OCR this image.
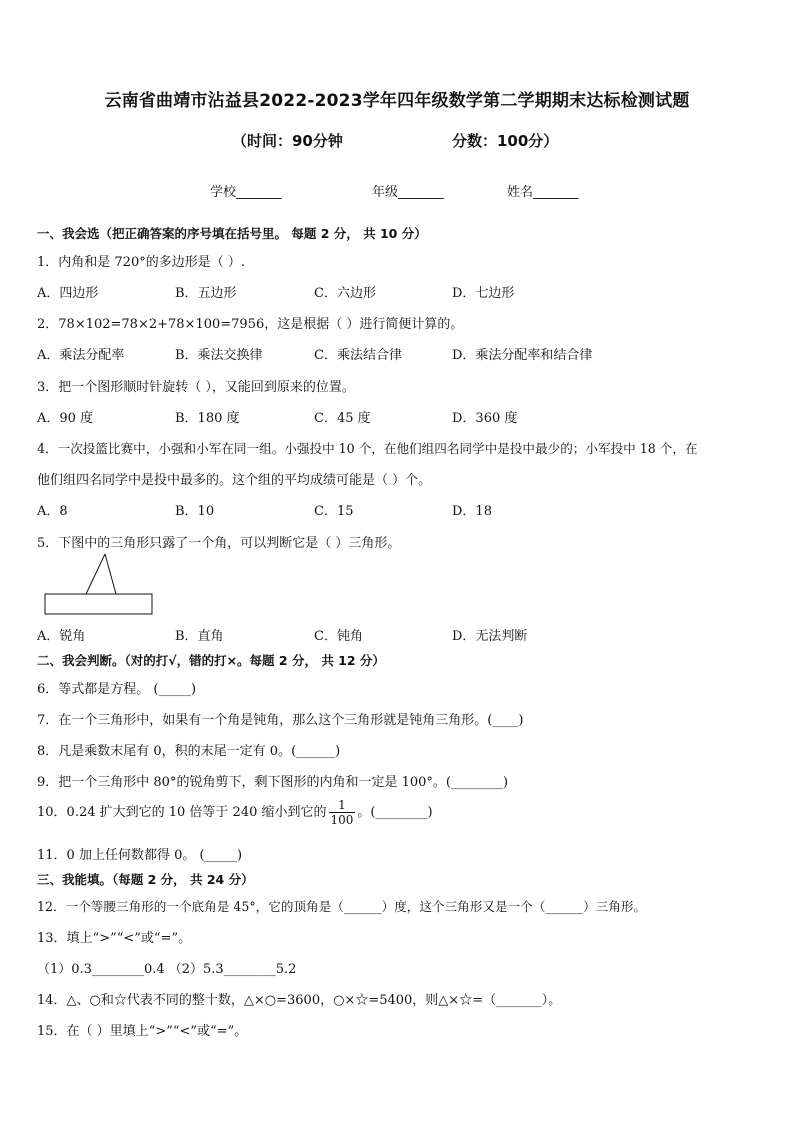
云南省曲靖市沾益县2022-2023学年四年级数学第二学期期末达标检测试题
（时间：90分钟	分数：100分）
学校_______	年级_______	姓名_______
一、我会选（把正确答案的序号填在括号里。 每题 2 分， 共 10 分）
1．内角和是 720°的多边形是（ ）.
A．四边形	B．五边形	C．六边形	D．七边形
2．78×102=78×2+78×100=7956，这是根据（ ）进行简便计算的。
A．乘法分配率	B．乘法交换律	C．乘法结合律	D．乘法分配率和结合律
3．把一个图形顺时针旋转（ ），又能回到原来的位置。
A．90 度	B．180 度	C．45 度	D．360 度
4．一次投篮比赛中，小强和小军在同一组。小强投中 10 个，在他们组四名同学中是投中最少的；小军投中 18 个，在
他们组四名同学中是投中最多的。这个组的平均成绩可能是（ ）个。
A．8	B．10	C．15	D．18
5．下图中的三角形只露了一个角，可以判断它是（ ）三角形。
A．锐角	B．直角	C．钝角	D．无法判断
二、我会判断。（对的打√，错的打×。每题 2 分， 共 12 分）
6．等式都是方程。 (_____)
7．在一个三角形中，如果有一个角是钝角，那么这个三角形就是钝角三角形。(____)
8．凡是乘数末尾有 0，积的末尾一定有 0。(______)
9．把一个三角形中 80°的锐角剪下，剩下图形的内角和一定是 100°。(________)
10．0.24 扩大到它的 10 倍等于 240 缩小到它的 $\frac{1}{100}$ 。(________)
11．0 加上任何数都得 0。 (_____)
三、我能填。（每题 2 分， 共 24 分）
12．一个等腰三角形的一个底角是 45°，它的顶角是（______）度，这个三角形又是一个（______）三角形。
13．填上“>”“<”或“=”。
（1）0.3________0.4 （2）5.3________5.2
14．△、○和☆代表不同的整十数，△×○=3600，○×☆=5400，则△×☆=（_______）。
15．在（ ）里填上“>”“<”或“=”。
